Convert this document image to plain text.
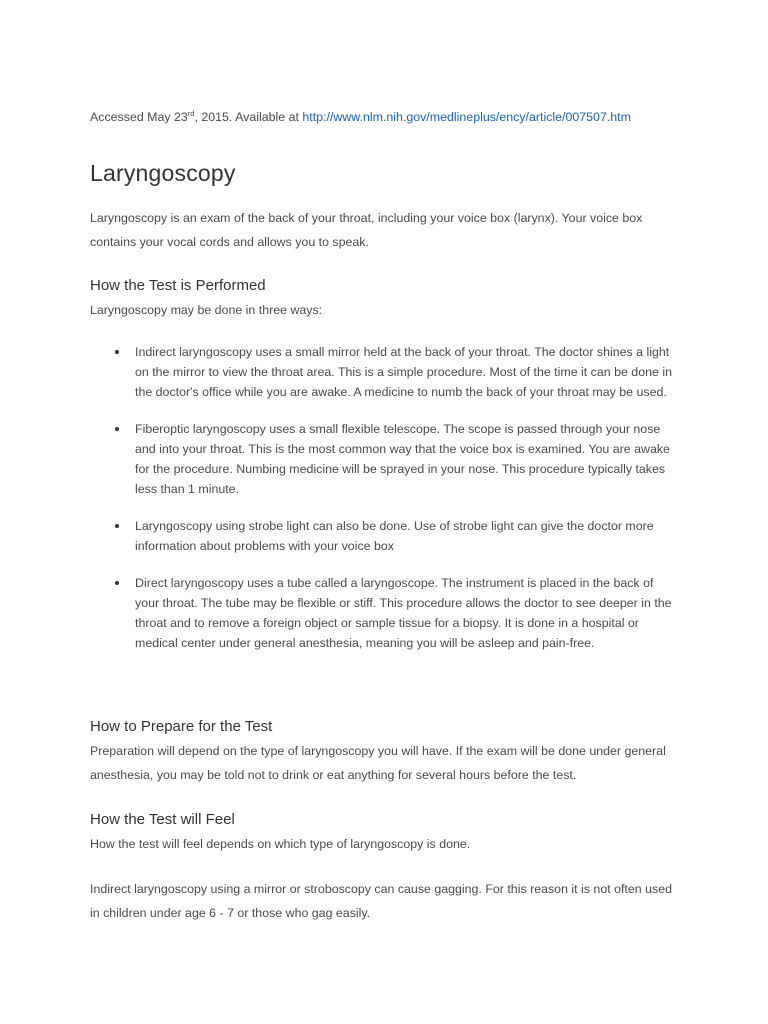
Accessed May 23rd, 2015. Available at http://www.nlm.nih.gov/medlineplus/ency/article/007507.htm
Laryngoscopy

Laryngoscopy is an exam of the back of your throat, including your voice box (larynx). Your voice box contains your vocal cords and allows you to speak.

How the Test is Performed

Laryngoscopy may be done in three ways:

Indirect laryngoscopy uses a small mirror held at the back of your throat. The doctor shines a light on the mirror to view the throat area. This is a simple procedure. Most of the time it can be done in the doctor's office while you are awake. A medicine to numb the back of your throat may be used.
Fiberoptic laryngoscopy uses a small flexible telescope. The scope is passed through your nose and into your throat. This is the most common way that the voice box is examined. You are awake for the procedure. Numbing medicine will be sprayed in your nose. This procedure typically takes less than 1 minute.
Laryngoscopy using strobe light can also be done. Use of strobe light can give the doctor more information about problems with your voice box
Direct laryngoscopy uses a tube called a laryngoscope. The instrument is placed in the back of your throat. The tube may be flexible or stiff. This procedure allows the doctor to see deeper in the throat and to remove a foreign object or sample tissue for a biopsy. It is done in a hospital or medical center under general anesthesia, meaning you will be asleep and pain-free.
How to Prepare for the Test

Preparation will depend on the type of laryngoscopy you will have. If the exam will be done under general anesthesia, you may be told not to drink or eat anything for several hours before the test.

How the Test will Feel

How the test will feel depends on which type of laryngoscopy is done.

Indirect laryngoscopy using a mirror or stroboscopy can cause gagging. For this reason it is not often used in children under age 6 - 7 or those who gag easily.
